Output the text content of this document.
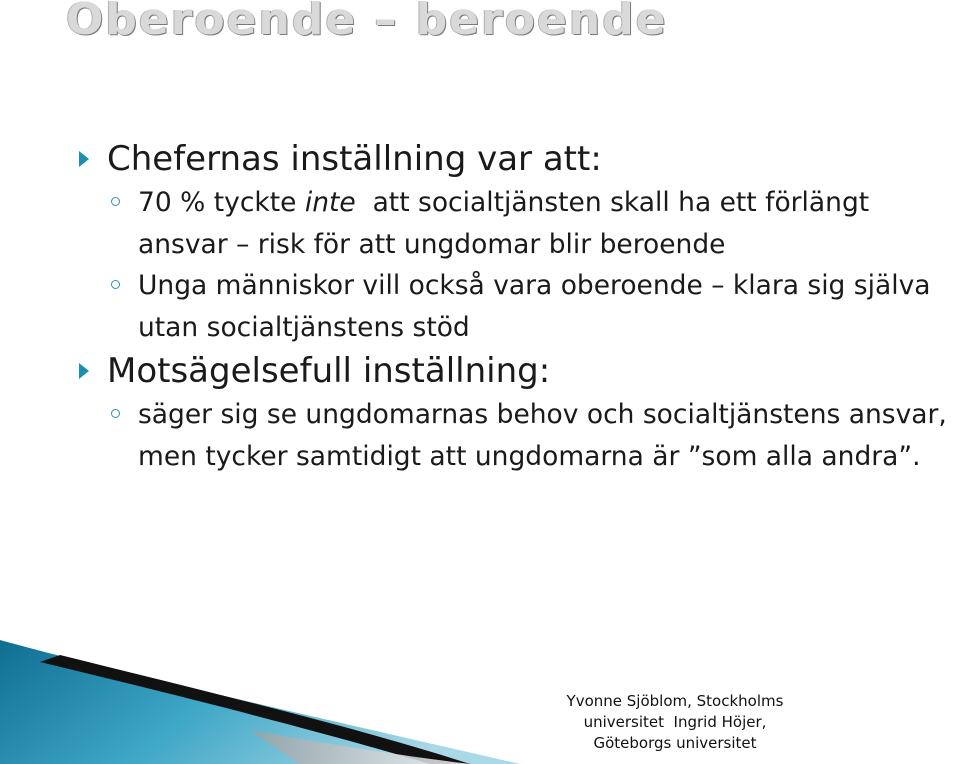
Oberoende – beroende
Chefernas inställning var att:
70 % tyckte inte  att socialtjänsten skall ha ett förlängt ansvar – risk för att ungdomar blir beroende
Unga människor vill också vara oberoende – klara sig själva utan socialtjänstens stöd
Motsägelsefull inställning:
säger sig se ungdomarnas behov och socialtjänstens ansvar, men tycker samtidigt att ungdomarna är ”som alla andra”.
Yvonne Sjöblom, Stockholms
universitet  Ingrid Höjer,
Göteborgs universitet
